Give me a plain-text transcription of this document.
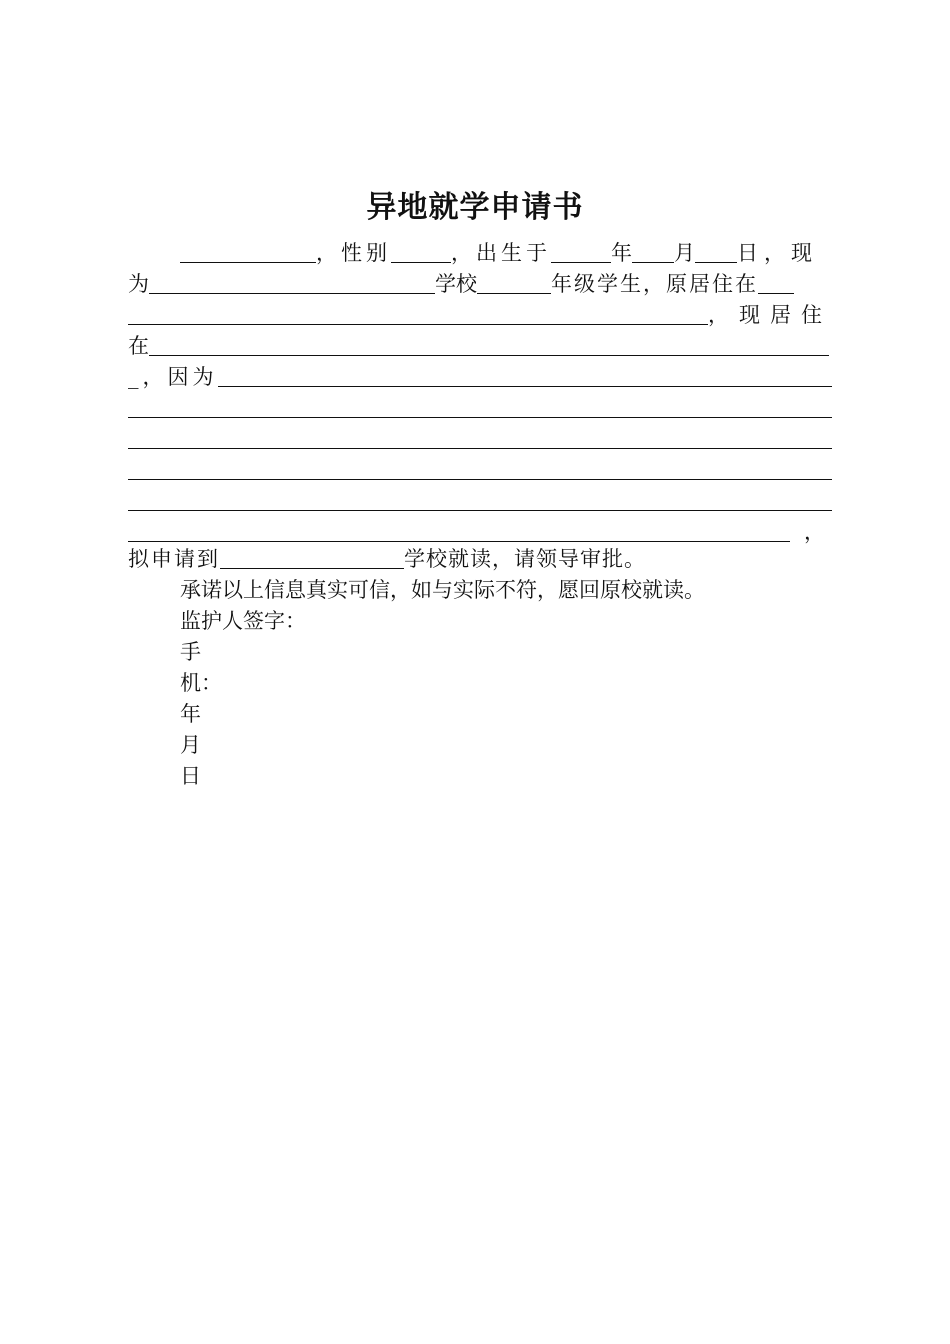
异地就学申请书
，性别	，出生于	年 月 日，现
为	学校	年级学生，原居住在
，现居住
在
_，因为
，
拟申请到	学校就读，请领导审批。
承诺以上信息真实可信，如与实际不符，愿回原校就读。
监护人签字：
手
机：
年
月
日
